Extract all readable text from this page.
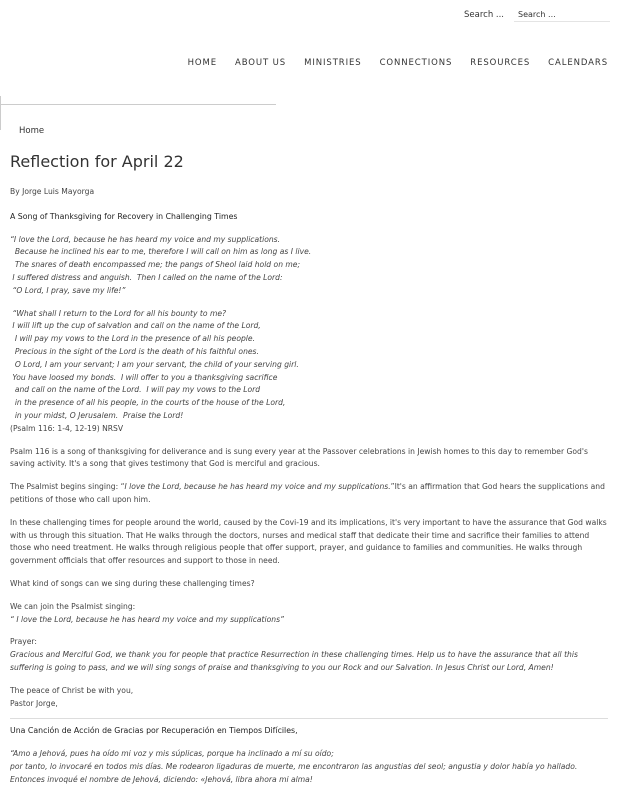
Search ...
Search ...
HOME ABOUT US MINISTRIES CONNECTIONS RESOURCES CALENDARS
Home
Reflection for April 22

By Jorge Luis Mayorga

A Song of Thanksgiving for Recovery in Challenging Times

“I love the Lord, because he has heard my voice and my supplications.
Because he inclined his ear to me, therefore I will call on him as long as I live.
The snares of death encompassed me; the pangs of Sheol laid hold on me;
I suffered distress and anguish.  Then I called on the name of the Lord:
“O Lord, I pray, save my life!”

“What shall I return to the Lord for all his bounty to me?
I will lift up the cup of salvation and call on the name of the Lord,
I will pay my vows to the Lord in the presence of all his people.
Precious in the sight of the Lord is the death of his faithful ones.
O Lord, I am your servant; I am your servant, the child of your serving girl.
You have loosed my bonds.  I will offer to you a thanksgiving sacrifice
and call on the name of the Lord.  I will pay my vows to the Lord
in the presence of all his people, in the courts of the house of the Lord,
in your midst, O Jerusalem.  Praise the Lord!

(Psalm 116: 1-4, 12-19) NRSV

Psalm 116 is a song of thanksgiving for deliverance and is sung every year at the Passover celebrations in Jewish homes to this day to remember God's saving activity. It's a song that gives testimony that God is merciful and gracious.

The Psalmist begins singing: “I love the Lord, because he has heard my voice and my supplications.”It's an affirmation that God hears the supplications and petitions of those who call upon him.

In these challenging times for people around the world, caused by the Covi-19 and its implications, it's very important to have the assurance that God walks with us through this situation. That He walks through the doctors, nurses and medical staff that dedicate their time and sacrifice their families to attend those who need treatment. He walks through religious people that offer support, prayer, and guidance to families and communities. He walks through government officials that offer resources and support to those in need.

What kind of songs can we sing during these challenging times?

We can join the Psalmist singing:
“ I love the Lord, because he has heard my voice and my supplications”

Prayer:

Gracious and Merciful God, we thank you for people that practice Resurrection in these challenging times. Help us to have the assurance that all this suffering is going to pass, and we will sing songs of praise and thanksgiving to you our Rock and our Salvation. In Jesus Christ our Lord, Amen!

The peace of Christ be with you,
Pastor Jorge,

Una Canción de Acción de Gracias por Recuperación en Tiempos Difíciles,

“Amo a Jehová, pues ha oído mi voz y mis súplicas, porque ha inclinado a mí su oído;
por tanto, lo invocaré en todos mis días. Me rodearon ligaduras de muerte, me encontraron las angustias del seol; angustia y dolor había yo hallado. Entonces invoqué el nombre de Jehová, diciendo: «Jehová, libra ahora mi alma!
